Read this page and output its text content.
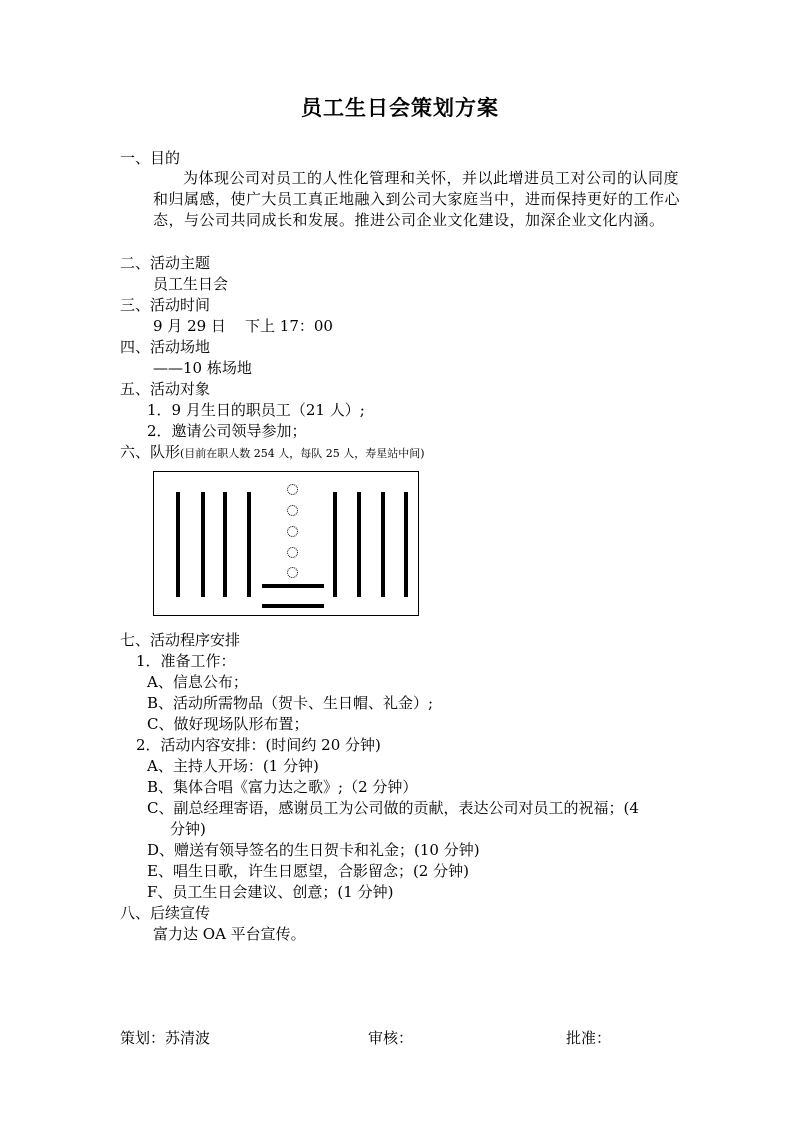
员工生日会策划方案
一、目的
为体现公司对员工的人性化管理和关怀，并以此增进员工对公司的认同度和归属感，使广大员工真正地融入到公司大家庭当中，进而保持更好的工作心态，与公司共同成长和发展。推进公司企业文化建设，加深企业文化内涵。
二、活动主题
员工生日会
三、活动时间
9 月 29 日    下上 17：00
四、活动场地
——10 栋场地
五、活动对象
1．9 月生日的职员工（21 人）;
2．邀请公司领导参加；
六、队形(目前在职人数 254 人，每队 25 人，寿星站中间)
七、活动程序安排
1．准备工作：
A、信息公布；
B、活动所需物品（贺卡、生日帽、礼金）;
C、做好现场队形布置；
2．活动内容安排：(时间约 20 分钟)
A、主持人开场：(1 分钟)
B、集体合唱《富力达之歌》;（2 分钟）
C、副总经理寄语，感谢员工为公司做的贡献，表达公司对员工的祝福；(4
分钟)
D、赠送有领导签名的生日贺卡和礼金；(10 分钟)
E、唱生日歌，许生日愿望，合影留念；(2 分钟)
F、员工生日会建议、创意；(1 分钟)
八、后续宣传
富力达 OA 平台宣传。
策划：苏清波	审核：	批准：
